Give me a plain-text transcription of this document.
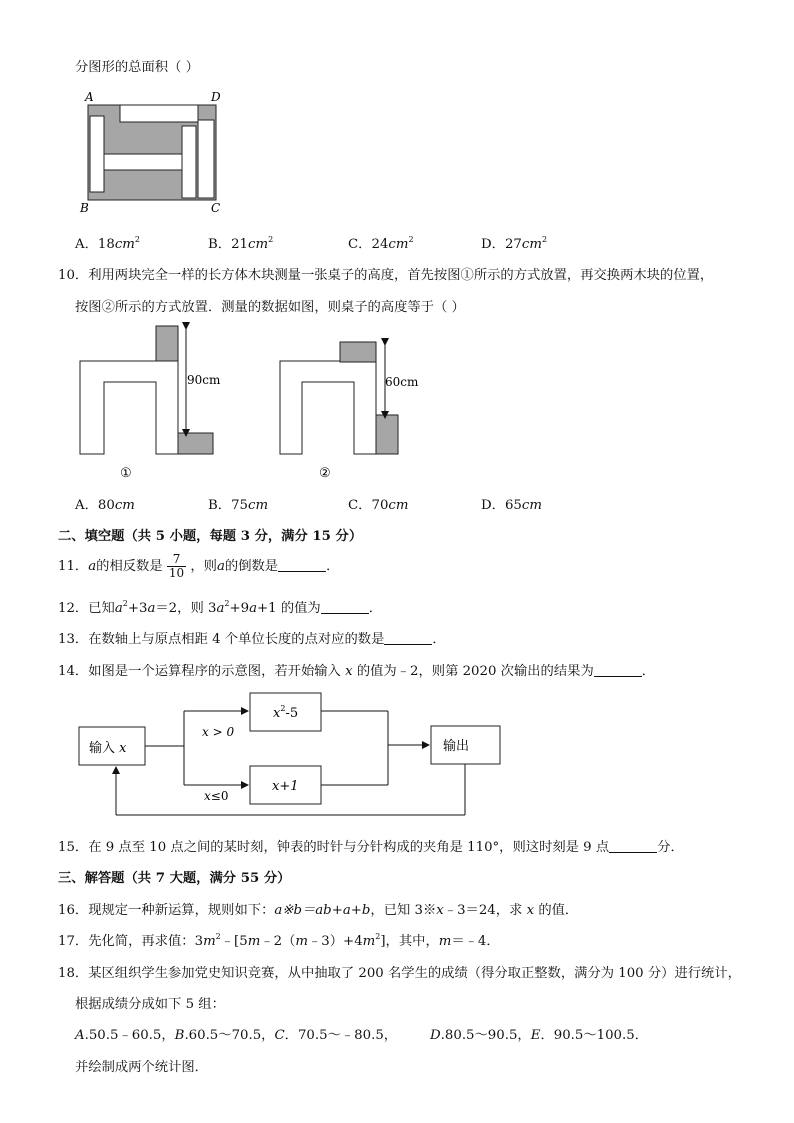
分图形的总面积（ ）
A	D
B	C
A．$18cm^2$	B．$21cm^2$	C．$24cm^2$	D．$27cm^2$
10．利用两块完全一样的长方体木块测量一张桌子的高度，首先按图①所示的方式放置，再交换两木块的位置，
按图②所示的方式放置．测量的数据如图，则桌子的高度等于（ ）
90cm
①
60cm
②
A．80cm	B．75cm	C．70cm	D．65cm
二、填空题（共 5 小题，每题 3 分，满分 15 分）
11．a的相反数是 $\frac{7}{10}$ ，则a的倒数是	．
12．已知$a^2+3a=2$，则 $3a^2+9a+1$ 的值为	．
13．在数轴上与原点相距 4 个单位长度的点对应的数是	．
14．如图是一个运算程序的示意图，若开始输入 x 的值为﹣2，则第 2020 次输出的结果为	．
输入 x
$x^2-5$
x+1
输出
x > 0
x≤0
15．在 9 点至 10 点之间的某时刻，钟表的时针与分针构成的夹角是 110°，则这时刻是 9 点	分．
三、解答题（共 7 大题，满分 55 分）
16．现规定一种新运算，规则如下：a※b＝ab+a+b，已知 3※x﹣3＝24，求 x 的值．
17．先化简，再求值：$3m^2﹣[5m﹣2(m﹣3)+4m^2]$，其中，m＝﹣4．
18．某区组织学生参加党史知识竞赛，从中抽取了 200 名学生的成绩（得分取正整数，满分为 100 分）进行统计，
根据成绩分成如下 5 组：
A.50.5﹣60.5，B.60.5～70.5，C．70.5～﹣80.5， D.80.5～90.5，E．90.5～100.5．
并绘制成两个统计图．
